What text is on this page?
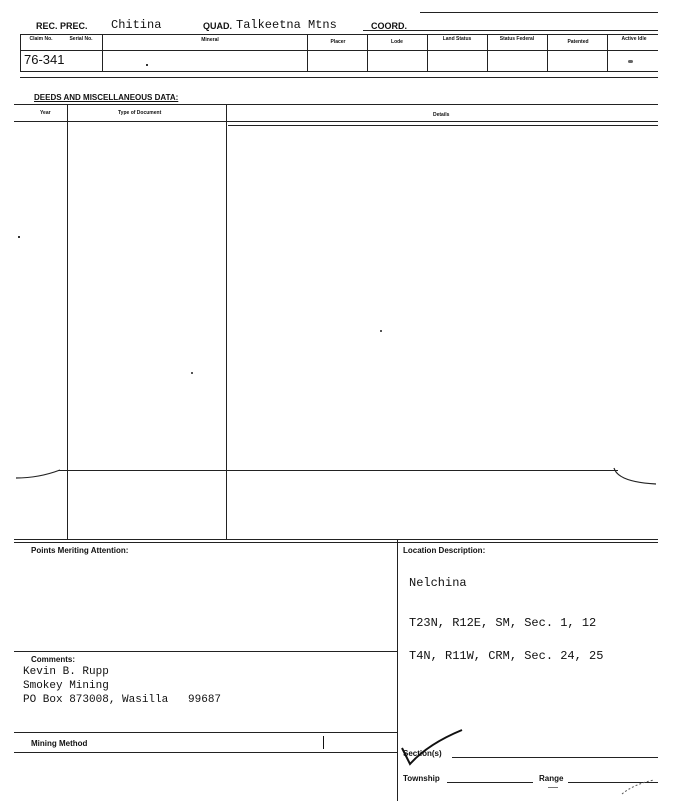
REC. PREC. Chitina	QUAD. Talkeetna Mtns	COORD.
Claim No.	Serial No.	Mineral	Placer	Lode	Land Status	Status Federal	Patented	Active Idle
76-341
DEEDS AND MISCELLANEOUS DATA:
Year	Type of Document	Details
Points Meriting Attention:
Comments:
Kevin B. Rupp
Smokey Mining
PO Box 873008, Wasilla   99687
Mining Method
Location Description:
Nelchina
T23N, R12E, SM, Sec. 1, 12
T4N, R11W, CRM, Sec. 24, 25
Section(s)
Township	Range
